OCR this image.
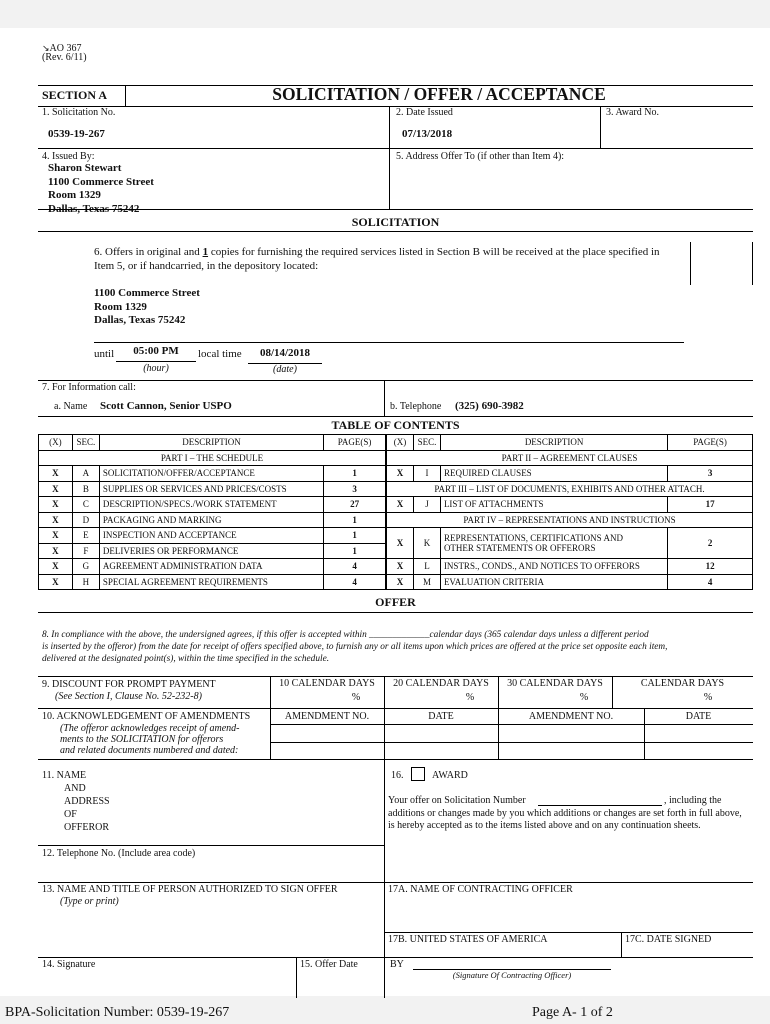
↘AO 367
(Rev. 6/11)
SECTION A	SOLICITATION / OFFER / ACCEPTANCE
1. Solicitation No.
0539-19-267
2. Date Issued
07/13/2018
3. Award No.
4. Issued By:
Sharon Stewart
1100 Commerce Street
Room 1329
Dallas, Texas 75242
5. Address Offer To (if other than Item 4):
SOLICITATION
6. Offers in original and 1 copies for furnishing the required services listed in Section B will be received at the place specified in
Item 5, or if handcarried, in the depository located:
1100 Commerce Street
Room 1329
Dallas, Texas 75242
until	05:00 PM
(hour)
local time	08/14/2018
(date)
7. For Information call:
a. Name Scott Cannon, Senior USPO	b. Telephone (325) 690-3982
TABLE OF CONTENTS
(X)	SEC.	DESCRIPTION	PAGE(S)
PART I – THE SCHEDULE			
X	A	SOLICITATION/OFFER/ACCEPTANCE	1
X	B	SUPPLIES OR SERVICES AND PRICES/COSTS	3
X	C	DESCRIPTION/SPECS./WORK STATEMENT	27
X	D	PACKAGING AND MARKING	1
X	E	INSPECTION AND ACCEPTANCE	1
X	F	DELIVERIES OR PERFORMANCE	1
X	G	AGREEMENT ADMINISTRATION DATA	4
X	H	SPECIAL AGREEMENT REQUIREMENTS	4
(X)	SEC.	DESCRIPTION	PAGE(S)
PART II – AGREEMENT CLAUSES			
X	I	REQUIRED CLAUSES	3
PART III – LIST OF DOCUMENTS, EXHIBITS AND OTHER ATTACH.			
X	J	LIST OF ATTACHMENTS	17
PART IV – REPRESENTATIONS AND INSTRUCTIONS			
X	K	REPRESENTATIONS, CERTIFICATIONS AND
OTHER STATEMENTS OR OFFERORS	2
X	L	INSTRS., CONDS., AND NOTICES TO OFFERORS	12
X	M	EVALUATION CRITERIA	4
OFFER
8. In compliance with the above, the undersigned agrees, if this offer is accepted within _____________calendar days (365 calendar days unless a different period
is inserted by the offeror) from the date for receipt of offers specified above, to furnish any or all items upon which prices are offered at the price set opposite each item,
delivered at the designated point(s), within the time specified in the schedule.
9. DISCOUNT FOR PROMPT PAYMENT
(See Section I, Clause No. 52-232-8)
10 CALENDAR DAYS
%
20 CALENDAR DAYS
%
30 CALENDAR DAYS
%
CALENDAR DAYS
%
10. ACKNOWLEDGEMENT OF AMENDMENTS
(The offeror acknowledges receipt of amend-
ments to the SOLICITATION for offerors
and related documents numbered and dated:
AMENDMENT NO.	DATE	AMENDMENT NO.	DATE
11. NAME
AND
ADDRESS
OF
OFFEROR
16.	AWARD
Your offer on Solicitation Number	, including the
additions or changes made by you which additions or changes are set forth in full above,
is hereby accepted as to the items listed above and on any continuation sheets.
12. Telephone No. (Include area code)
13. NAME AND TITLE OF PERSON AUTHORIZED TO SIGN OFFER
(Type or print)
17A. NAME OF CONTRACTING OFFICER
17B. UNITED STATES OF AMERICA	17C. DATE SIGNED
14. Signature	15. Offer Date	BY
(Signature Of Contracting Officer)
BPA-Solicitation Number: 0539-19-267	Page A- 1 of 2
